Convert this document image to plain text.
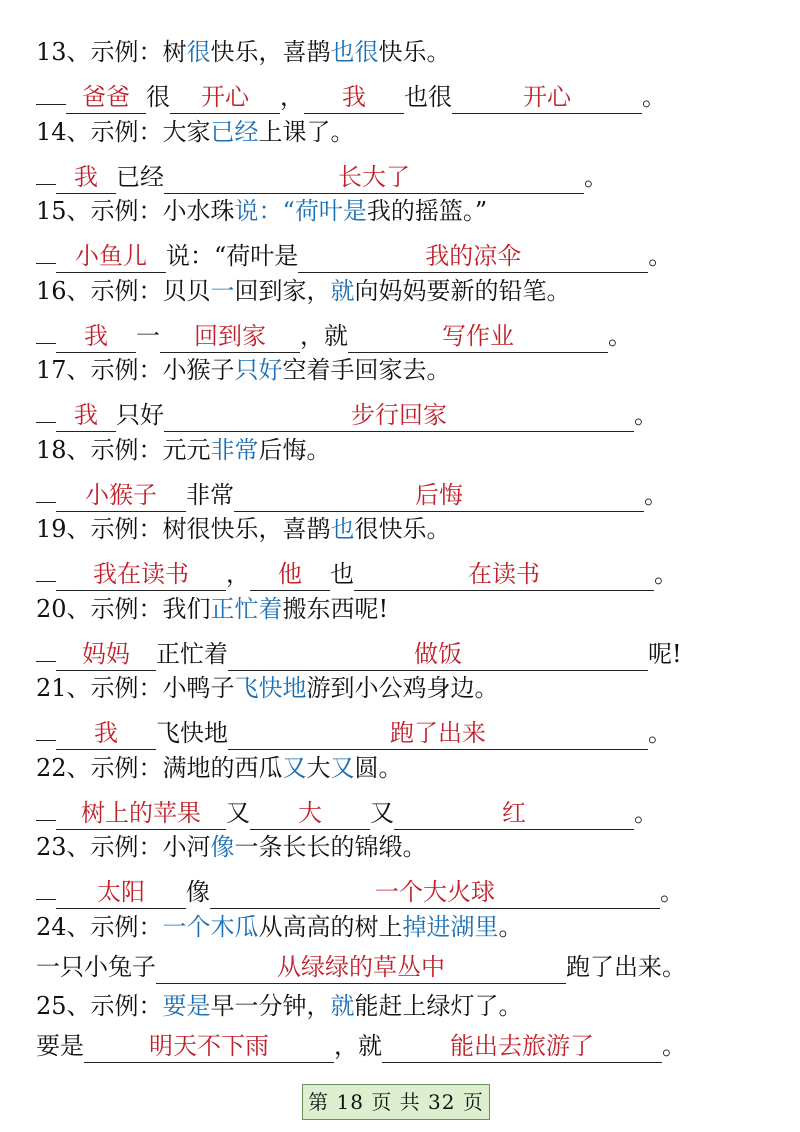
13、示例：树很快乐，喜鹊也很快乐。
爸爸 很 开心 ， 我 也很	开心	。
14、示例：大家已经上课了。
我 已经	长大了	。
15、示例：小水珠说：“荷叶是我的摇篮。”
小鱼儿 说：“荷叶是	我的凉伞	。
16、示例：贝贝一回到家，就向妈妈要新的铅笔。
我 一 回到家 ，就	写作业	。
17、示例：小猴子只好空着手回家去。
我 只好	步行回家	。
18、示例：元元非常后悔。
小猴子 非常	后悔	。
19、示例：树很快乐，喜鹊也很快乐。
我在读书 ， 他 也	在读书	。
20、示例：我们正忙着搬东西呢!
妈妈 正忙着	做饭	呢!
21、示例：小鸭子飞快地游到小公鸡身边。
我 飞快地	跑了出来	。
22、示例：满地的西瓜又大又圆。
树上的苹果 又 大 又	红	。
23、示例：小河像一条长长的锦缎。
太阳 像	一个大火球	。
24、示例：一个木瓜从高高的树上掉进湖里。
一只小兔子	从绿绿的草丛中	跑了出来。
25、示例：要是早一分钟，就能赶上绿灯了。
要是	明天不下雨	，就	能出去旅游了	。
第 18 页 共 32 页
